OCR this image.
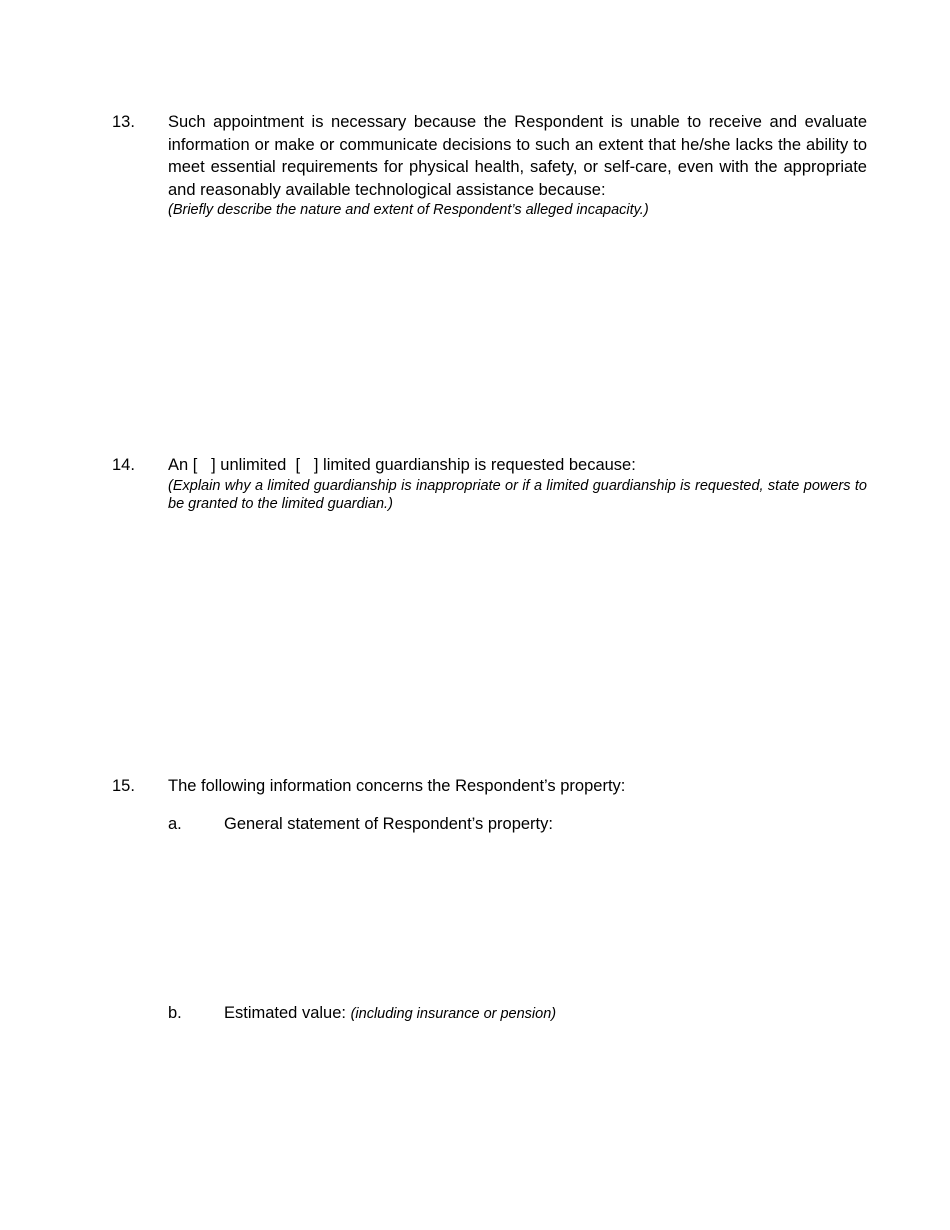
13. Such appointment is necessary because the Respondent is unable to receive and evaluate information or make or communicate decisions to such an extent that he/she lacks the ability to meet essential requirements for physical health, safety, or self-care, even with the appropriate and reasonably available technological assistance because:
(Briefly describe the nature and extent of Respondent’s alleged incapacity.)
14. An [   ] unlimited [   ] limited guardianship is requested because:
(Explain why a limited guardianship is inappropriate or if a limited guardianship is requested, state powers to be granted to the limited guardian.)
15. The following information concerns the Respondent’s property:
a.	General statement of Respondent’s property:
b.	Estimated value: (including insurance or pension)
